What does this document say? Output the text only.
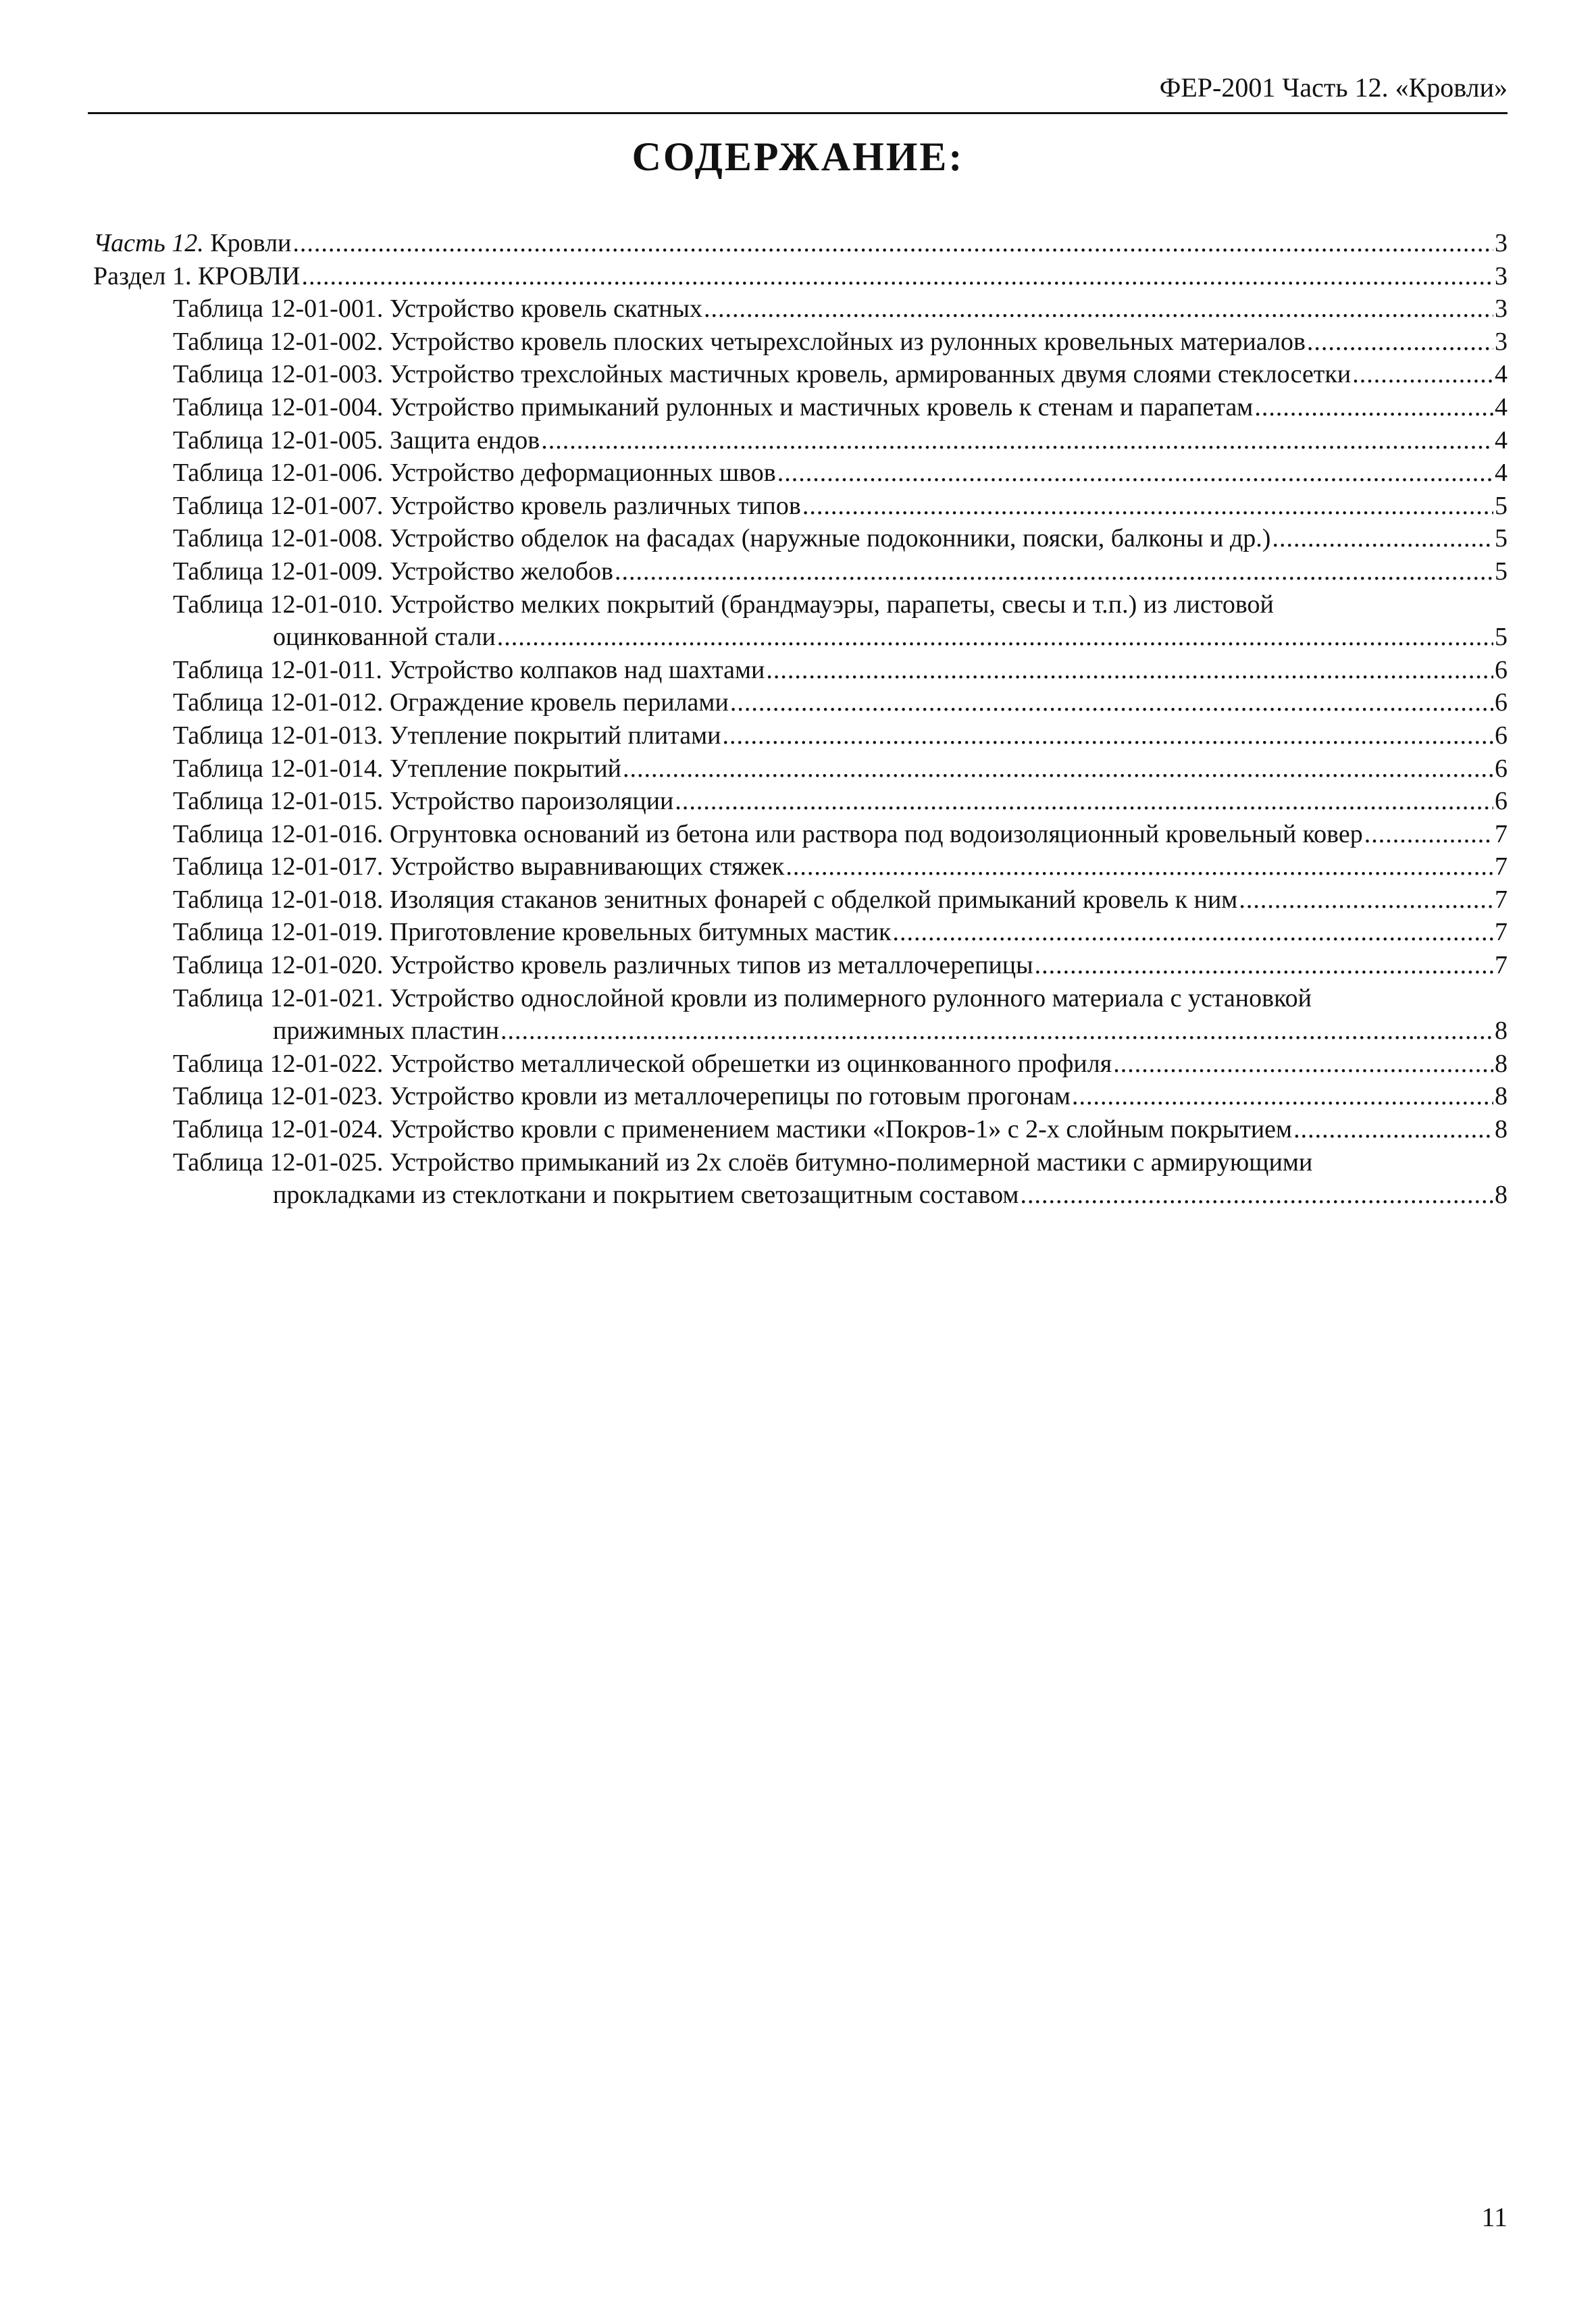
ФЕР-2001 Часть 12. «Кровли»
СОДЕРЖАНИЕ:
Часть 12. Кровли .....	3
Раздел 1. КРОВЛИ .....	3
Таблица 12-01-001. Устройство кровель скатных .....	3
Таблица 12-01-002. Устройство кровель плоских четырехслойных из рулонных кровельных материалов .....	3
Таблица 12-01-003. Устройство трехслойных мастичных кровель, армированных двумя слоями стеклосетки .....	4
Таблица 12-01-004. Устройство примыканий рулонных и мастичных кровель к стенам и парапетам .....	4
Таблица 12-01-005. Защита ендов .....	4
Таблица 12-01-006. Устройство деформационных швов .....	4
Таблица 12-01-007. Устройство кровель различных типов .....	5
Таблица 12-01-008. Устройство обделок на фасадах (наружные подоконники, пояски, балконы и др.) .....	5
Таблица 12-01-009. Устройство желобов .....	5
Таблица 12-01-010. Устройство мелких покрытий (брандмауэры, парапеты, свесы и т.п.) из листовой
оцинкованной стали .....	5
Таблица 12-01-011. Устройство колпаков над шахтами .....	6
Таблица 12-01-012. Ограждение кровель перилами .....	6
Таблица 12-01-013. Утепление покрытий плитами .....	6
Таблица 12-01-014. Утепление покрытий .....	6
Таблица 12-01-015. Устройство пароизоляции .....	6
Таблица 12-01-016. Огрунтовка оснований из бетона или раствора под водоизоляционный кровельный ковер .....	7
Таблица 12-01-017. Устройство выравнивающих стяжек .....	7
Таблица 12-01-018. Изоляция стаканов зенитных фонарей с обделкой примыканий кровель к ним .....	7
Таблица 12-01-019. Приготовление кровельных битумных мастик .....	7
Таблица 12-01-020. Устройство кровель различных типов из металлочерепицы .....	7
Таблица 12-01-021. Устройство однослойной кровли из полимерного рулонного материала с установкой
прижимных пластин .....	8
Таблица 12-01-022. Устройство металлической обрешетки из оцинкованного профиля .....	8
Таблица 12-01-023. Устройство кровли из металлочерепицы по готовым прогонам .....	8
Таблица 12-01-024. Устройство кровли с применением мастики «Покров-1» с 2-х слойным покрытием .....	8
Таблица 12-01-025. Устройство примыканий из 2х слоёв битумно-полимерной мастики с армирующими
прокладками из стеклоткани и покрытием светозащитным составом .....	8
11
